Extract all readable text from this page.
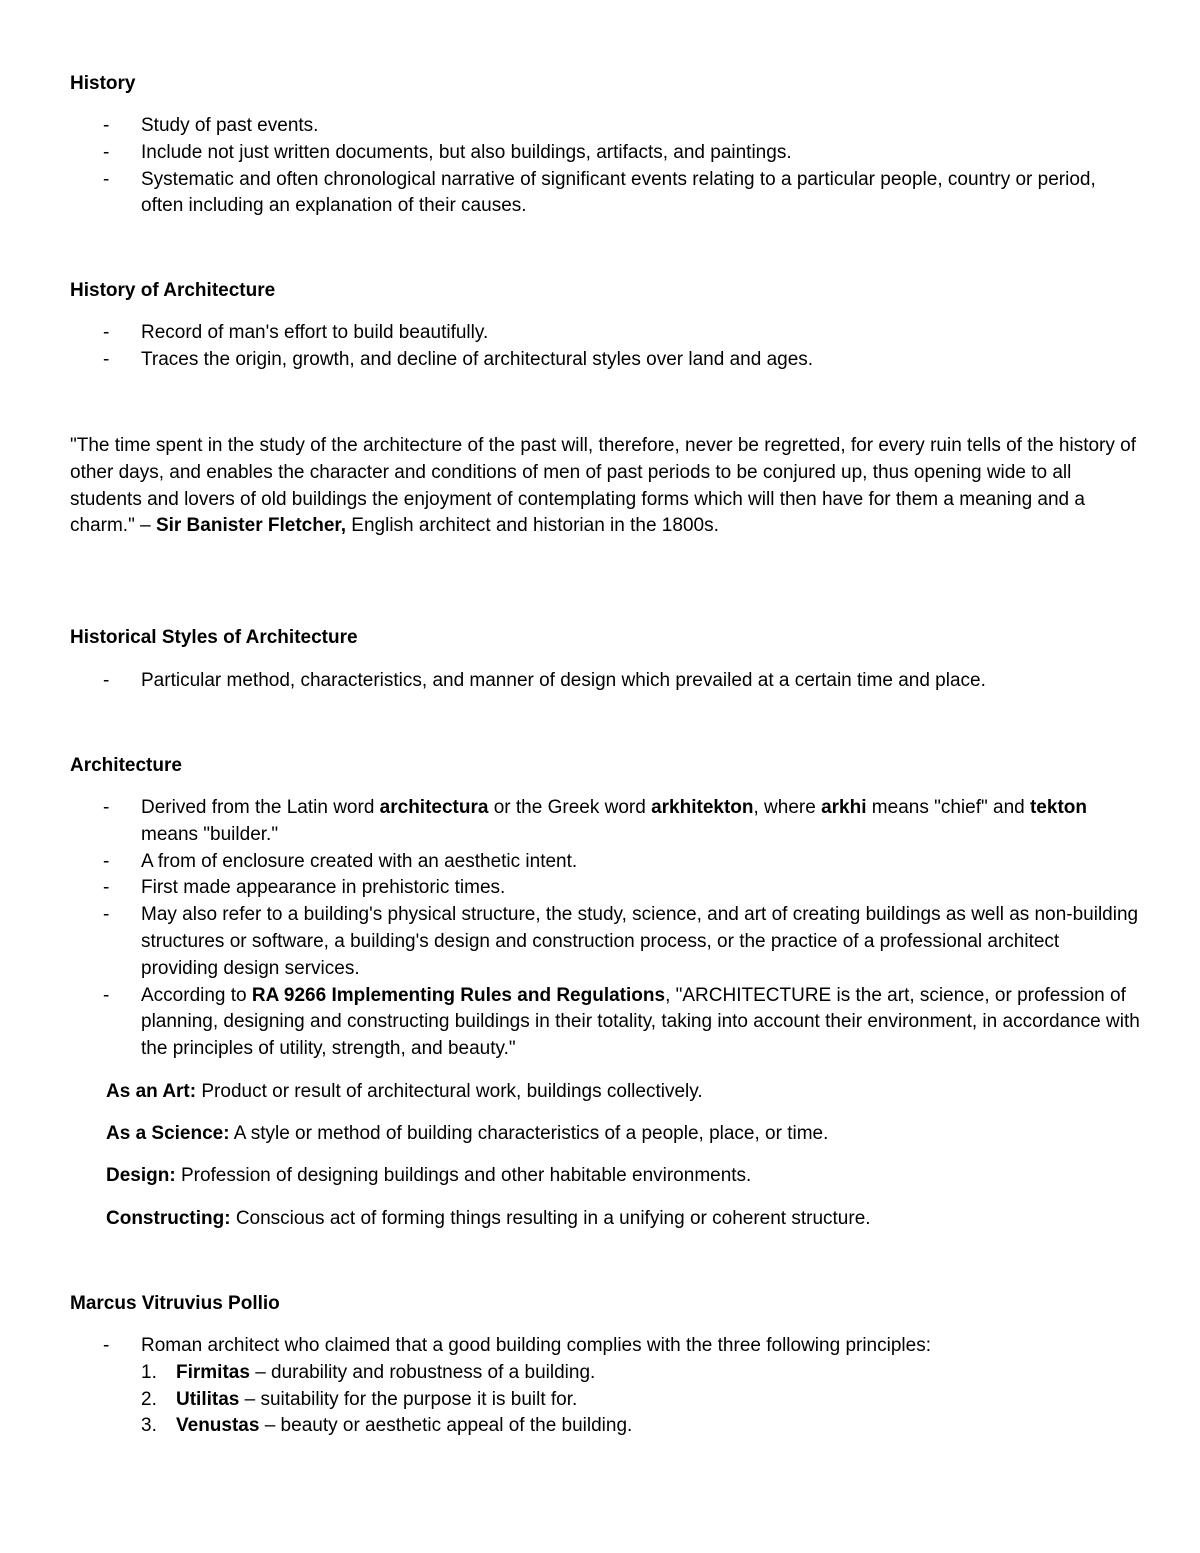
History
- Study of past events.
- Include not just written documents, but also buildings, artifacts, and paintings.
- Systematic and often chronological narrative of significant events relating to a particular people, country or period, often including an explanation of their causes.
History of Architecture
- Record of man's effort to build beautifully.
- Traces the origin, growth, and decline of architectural styles over land and ages.

"The time spent in the study of the architecture of the past will, therefore, never be regretted, for every ruin tells of the history of other days, and enables the character and conditions of men of past periods to be conjured up, thus opening wide to all students and lovers of old buildings the enjoyment of contemplating forms which will then have for them a meaning and a charm." – Sir Banister Fletcher, English architect and historian in the 1800s.

Historical Styles of Architecture
- Particular method, characteristics, and manner of design which prevailed at a certain time and place.
Architecture
- Derived from the Latin word architectura or the Greek word arkhitekton, where arkhi means "chief" and tekton means "builder."
- A from of enclosure created with an aesthetic intent.
- First made appearance in prehistoric times.
- May also refer to a building's physical structure, the study, science, and art of creating buildings as well as non-building structures or software, a building's design and construction process, or the practice of a professional architect providing design services.
- According to RA 9266 Implementing Rules and Regulations, "ARCHITECTURE is the art, science, or profession of planning, designing and constructing buildings in their totality, taking into account their environment, in accordance with the principles of utility, strength, and beauty."

As an Art: Product or result of architectural work, buildings collectively.

As a Science: A style or method of building characteristics of a people, place, or time.

Design: Profession of designing buildings and other habitable environments.

Constructing: Conscious act of forming things resulting in a unifying or coherent structure.

Marcus Vitruvius Pollio
- Roman architect who claimed that a good building complies with the three following principles:
1. Firmitas – durability and robustness of a building.
2. Utilitas – suitability for the purpose it is built for.
3. Venustas – beauty or aesthetic appeal of the building.
